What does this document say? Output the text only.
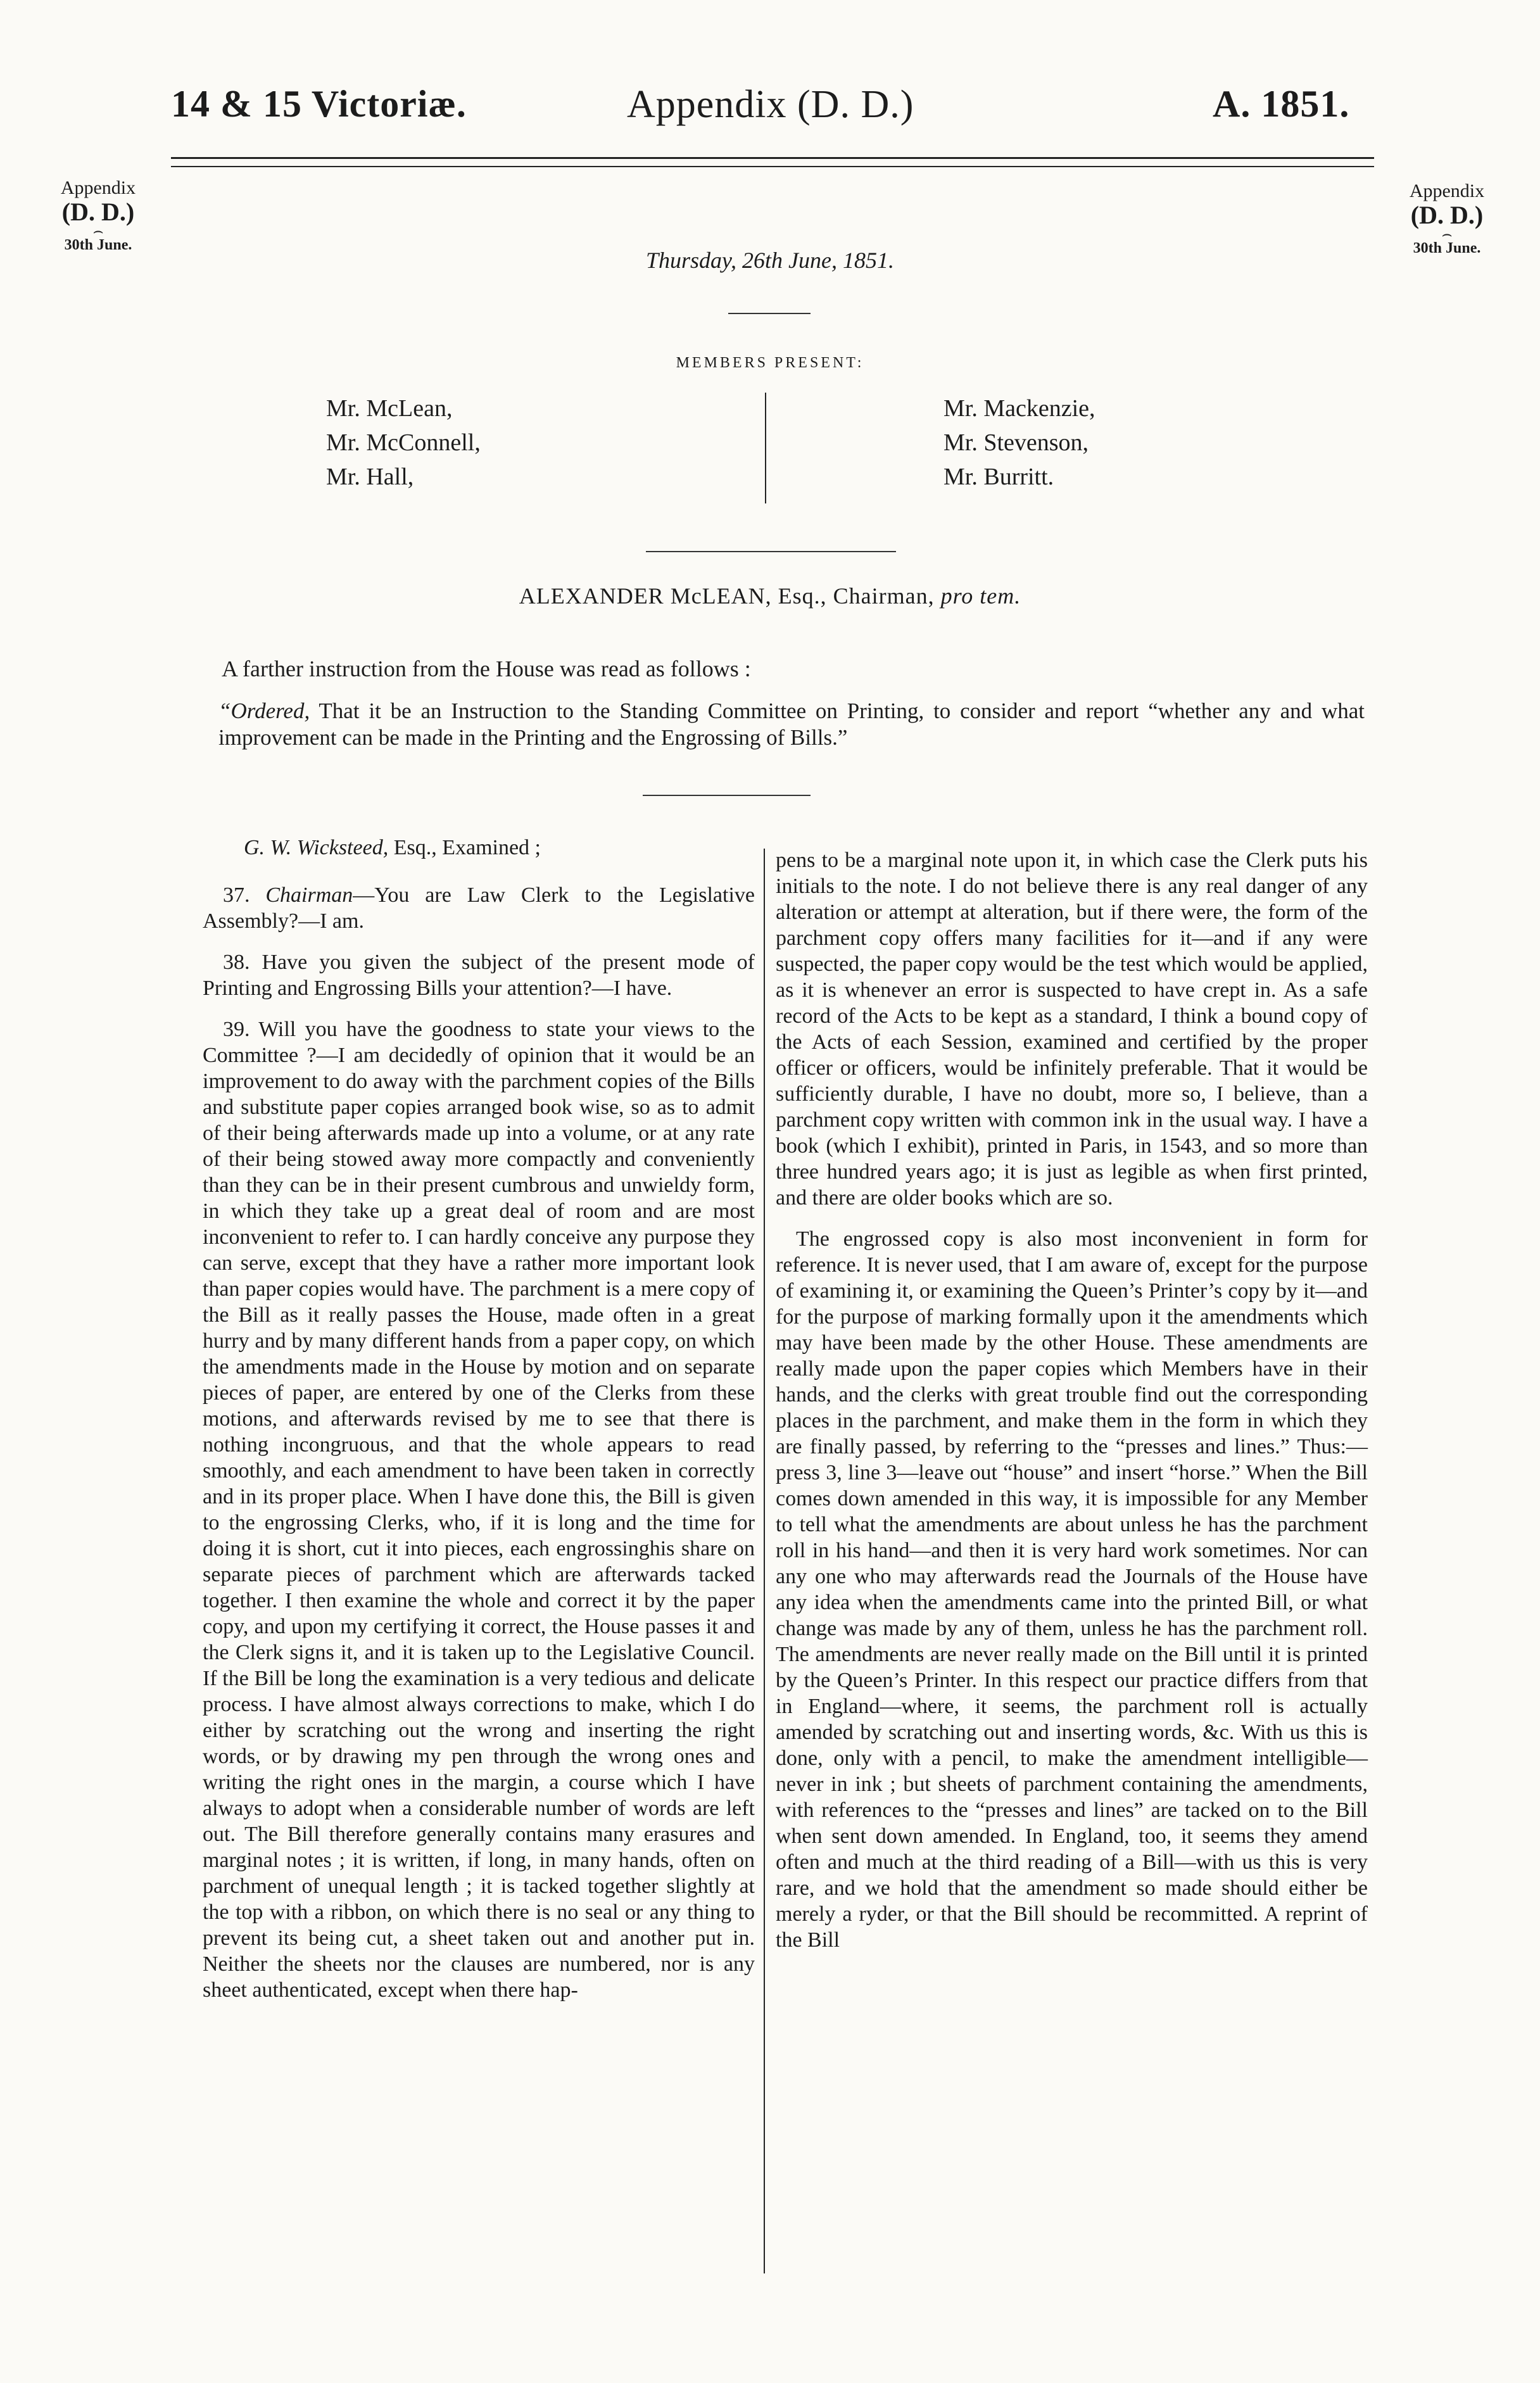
14 & 15 Victoriæ.	Appendix (D. D.)	A. 1851.
Appendix
(D. D.)
⌢
30th June.
Appendix
(D. D.)
⌢
30th June.
Thursday, 26th June, 1851.
MEMBERS PRESENT:
Mr. McLean,
Mr. McConnell,
Mr. Hall,
Mr. Mackenzie,
Mr. Stevenson,
Mr. Burritt.
ALEXANDER McLEAN, Esq., Chairman, pro tem.
A farther instruction from the House was read as follows :
“Ordered, That it be an Instruction to the Standing Committee on Printing, to consider and report “whether any and what improvement can be made in the Printing and the Engrossing of Bills.”

G. W. Wicksteed, Esq., Examined ;

37. Chairman—You are Law Clerk to the Legislative Assembly?—I am.

38. Have you given the subject of the present mode of Printing and Engrossing Bills your attention?—I have.

39. Will you have the goodness to state your views to the Committee ?—I am decidedly of opinion that it would be an improvement to do away with the parchment copies of the Bills and substitute paper copies arranged book wise, so as to admit of their being afterwards made up into a volume, or at any rate of their being stowed away more compactly and conveniently than they can be in their present cumbrous and unwieldy form, in which they take up a great deal of room and are most inconvenient to refer to. I can hardly conceive any purpose they can serve, except that they have a rather more important look than paper copies would have. The parchment is a mere copy of the Bill as it really passes the House, made often in a great hurry and by many different hands from a paper copy, on which the amendments made in the House by motion and on separate pieces of paper, are entered by one of the Clerks from these motions, and afterwards revised by me to see that there is nothing incongruous, and that the whole appears to read smoothly, and each amendment to have been taken in correctly and in its proper place. When I have done this, the Bill is given to the engrossing Clerks, who, if it is long and the time for doing it is short, cut it into pieces, each engrossinghis share on separate pieces of parchment which are afterwards tacked together. I then examine the whole and correct it by the paper copy, and upon my certifying it correct, the House passes it and the Clerk signs it, and it is taken up to the Legislative Council. If the Bill be long the examination is a very tedious and delicate process. I have almost always corrections to make, which I do either by scratching out the wrong and inserting the right words, or by drawing my pen through the wrong ones and writing the right ones in the margin, a course which I have always to adopt when a considerable number of words are left out. The Bill therefore generally contains many erasures and marginal notes ; it is written, if long, in many hands, often on parchment of unequal length ; it is tacked together slightly at the top with a ribbon, on which there is no seal or any thing to prevent its being cut, a sheet taken out and another put in. Neither the sheets nor the clauses are numbered, nor is any sheet authenticated, except when there hap-

pens to be a marginal note upon it, in which case the Clerk puts his initials to the note. I do not believe there is any real danger of any alteration or attempt at alteration, but if there were, the form of the parchment copy offers many facilities for it—and if any were suspected, the paper copy would be the test which would be applied, as it is whenever an error is suspected to have crept in. As a safe record of the Acts to be kept as a standard, I think a bound copy of the Acts of each Session, examined and certified by the proper officer or officers, would be infinitely preferable. That it would be sufficiently durable, I have no doubt, more so, I believe, than a parchment copy written with common ink in the usual way. I have a book (which I exhibit), printed in Paris, in 1543, and so more than three hundred years ago; it is just as legible as when first printed, and there are older books which are so.

The engrossed copy is also most inconvenient in form for reference. It is never used, that I am aware of, except for the purpose of examining it, or examining the Queen’s Printer’s copy by it—and for the purpose of marking formally upon it the amendments which may have been made by the other House. These amendments are really made upon the paper copies which Members have in their hands, and the clerks with great trouble find out the corresponding places in the parchment, and make them in the form in which they are finally passed, by referring to the “presses and lines.” Thus:—press 3, line 3—leave out “house” and insert “horse.” When the Bill comes down amended in this way, it is impossible for any Member to tell what the amendments are about unless he has the parchment roll in his hand—and then it is very hard work sometimes. Nor can any one who may afterwards read the Journals of the House have any idea when the amendments came into the printed Bill, or what change was made by any of them, unless he has the parchment roll. The amendments are never really made on the Bill until it is printed by the Queen’s Printer. In this respect our practice differs from that in England—where, it seems, the parchment roll is actually amended by scratching out and inserting words, &c. With us this is done, only with a pencil, to make the amendment intelligible—never in ink ; but sheets of parchment containing the amendments, with references to the “presses and lines” are tacked on to the Bill when sent down amended. In England, too, it seems they amend often and much at the third reading of a Bill—with us this is very rare, and we hold that the amendment so made should either be merely a ryder, or that the Bill should be recommitted. A reprint of the Bill
